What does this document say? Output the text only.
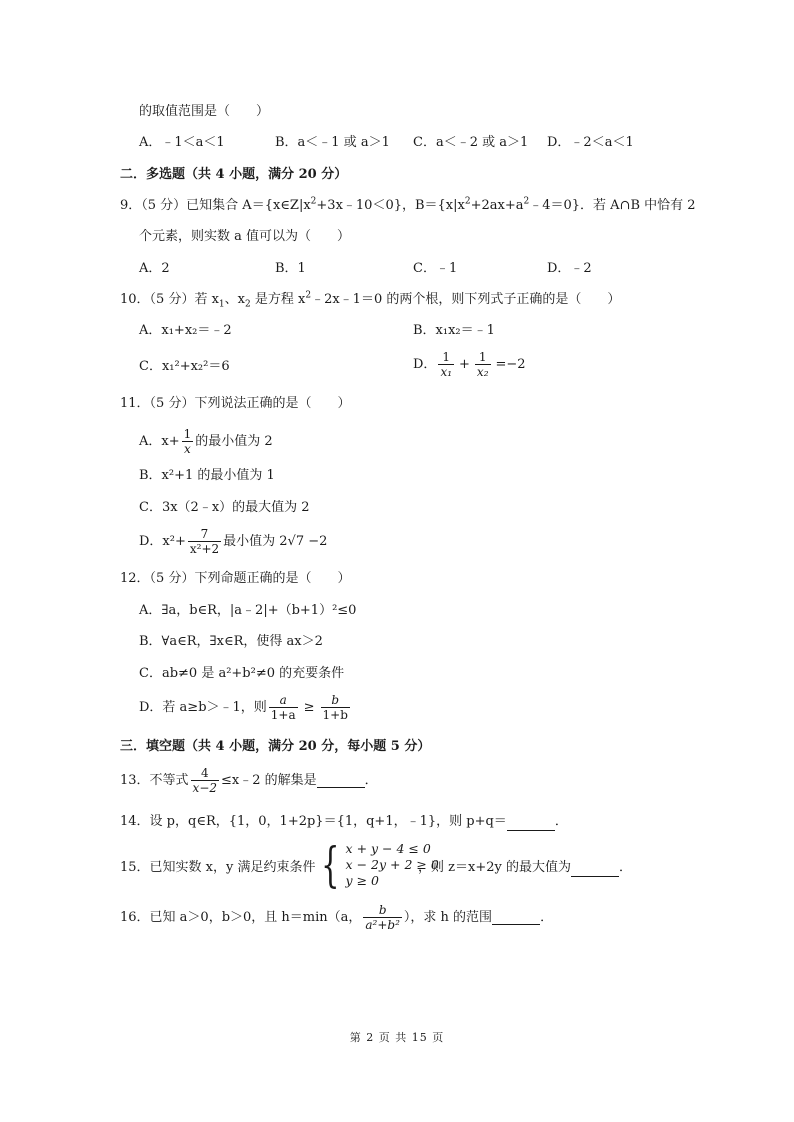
的取值范围是（　　）
A．﹣1＜a＜1	B．a＜﹣1 或 a＞1 C．a＜﹣2 或 a＞1 D．﹣2＜a＜1
二．多选题（共 4 小题，满分 20 分）
9．（5 分）已知集合 $A=\{x\in Z|x^2+3x﹣10<0\}$，$B=\{x|x^2+2ax+a^2﹣4=0\}$．若 A∩B 中恰有 2
个元素，则实数 a 值可以为（　　）
A．2	B．1	C．﹣1	D．﹣2
10．（5 分）若 $x_1$、$x_2$ 是方程 $x^2﹣2x﹣1=0$ 的两个根，则下列式子正确的是（　　）
A．x₁+x₂＝﹣2	B．x₁x₂＝﹣1
C．x₁²+x₂²＝6	D． $\frac{1}{\text{x₁}} + \frac{1}{\text{x₂}} =-2$
11．（5 分）下列说法正确的是（　　）
A．$x+ \frac{1}{x}$ 的最小值为 2
B．x²+1 的最小值为 1
C．3x（2﹣x）的最大值为 2
D．$x^2+ \frac{7}{\text{x²+2}}$ 最小值为 2√7 −2
12．（5 分）下列命题正确的是（　　）
A．∃a，b∈R，|a﹣2|+（b+1）²≤0
B．∀a∈R，∃x∈R，使得 ax＞2
C．ab≠0 是 a²+b²≠0 的充要条件
D．若 a≥b＞﹣1，则 $\frac{a}{1+a} \ge \frac{b}{1+b}$
三．填空题（共 4 小题，满分 20 分，每小题 5 分）
13．不等式 $\frac{4}{x-2}$ ≤x﹣2 的解集是	．
14．设 p，q∈R，{1，0，1+2p}＝{1，q+1，﹣1}，则 p+q＝	．
15．已知实数 x，y 满足约束条件 { x + y − 4 ≤ 0
x − 2y + 2 ≥ 0
y ≥ 0
，则 z＝x+2y 的最大值为	．
16．已知 a＞0，b＞0，且 h＝min（a， $\frac{b}{\text{a²+b²}}$ ），求 h 的范围	．
第 2 页 共 15 页
